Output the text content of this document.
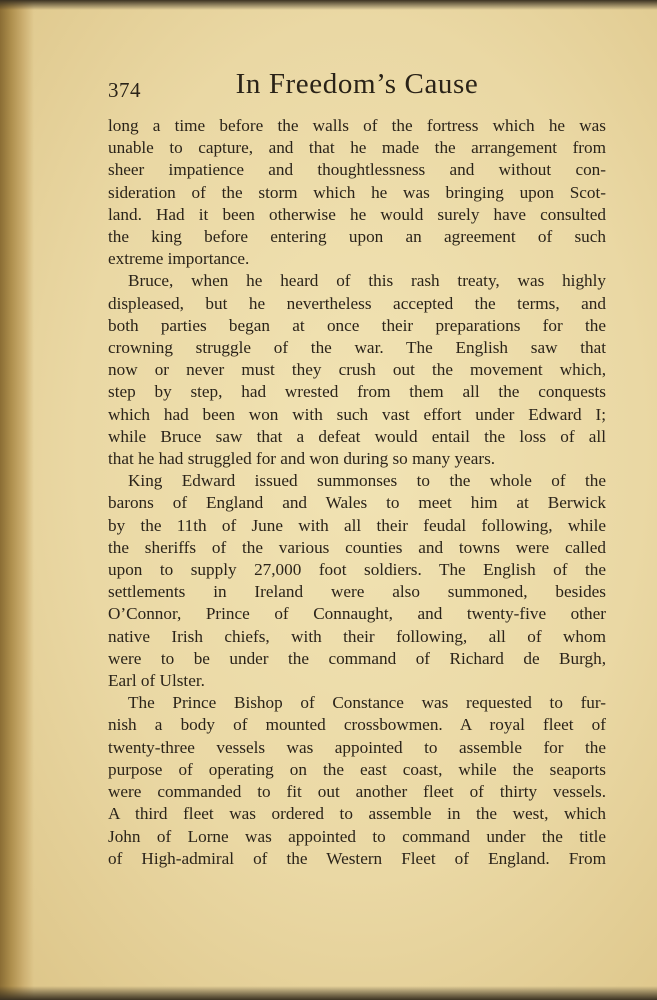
374	In Freedom’s Cause
long a time before the walls of the fortress which he was
unable to capture, and that he made the arrangement from
sheer impatience and thoughtlessness and without con-
sideration of the storm which he was bringing upon Scot-
land. Had it been otherwise he would surely have consulted
the king before entering upon an agreement of such
extreme importance.
Bruce, when he heard of this rash treaty, was highly
displeased, but he nevertheless accepted the terms, and
both parties began at once their preparations for the
crowning struggle of the war. The English saw that
now or never must they crush out the movement which,
step by step, had wrested from them all the conquests
which had been won with such vast effort under Edward I;
while Bruce saw that a defeat would entail the loss of all
that he had struggled for and won during so many years.
King Edward issued summonses to the whole of the
barons of England and Wales to meet him at Berwick
by the 11th of June with all their feudal following, while
the sheriffs of the various counties and towns were called
upon to supply 27,000 foot soldiers. The English of the
settlements in Ireland were also summoned, besides
O’Connor, Prince of Connaught, and twenty-five other
native Irish chiefs, with their following, all of whom
were to be under the command of Richard de Burgh,
Earl of Ulster.
The Prince Bishop of Constance was requested to fur-
nish a body of mounted crossbowmen. A royal fleet of
twenty-three vessels was appointed to assemble for the
purpose of operating on the east coast, while the seaports
were commanded to fit out another fleet of thirty vessels.
A third fleet was ordered to assemble in the west, which
John of Lorne was appointed to command under the title
of High-admiral of the Western Fleet of England. From
